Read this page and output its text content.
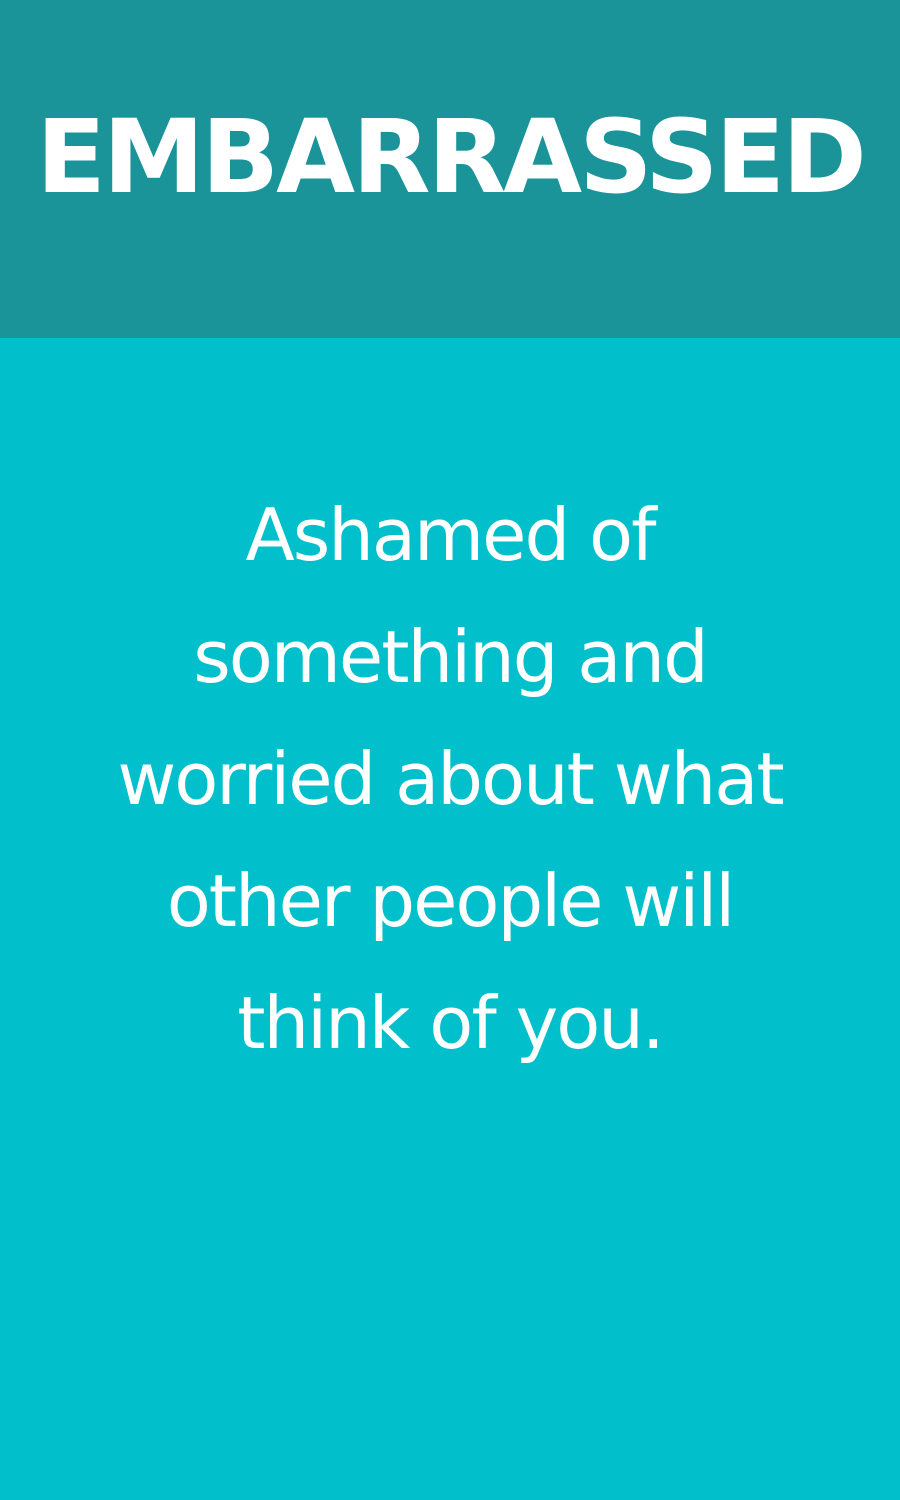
EMBARRASSED

Ashamed of
something and
worried about what
other people will
think of you.
